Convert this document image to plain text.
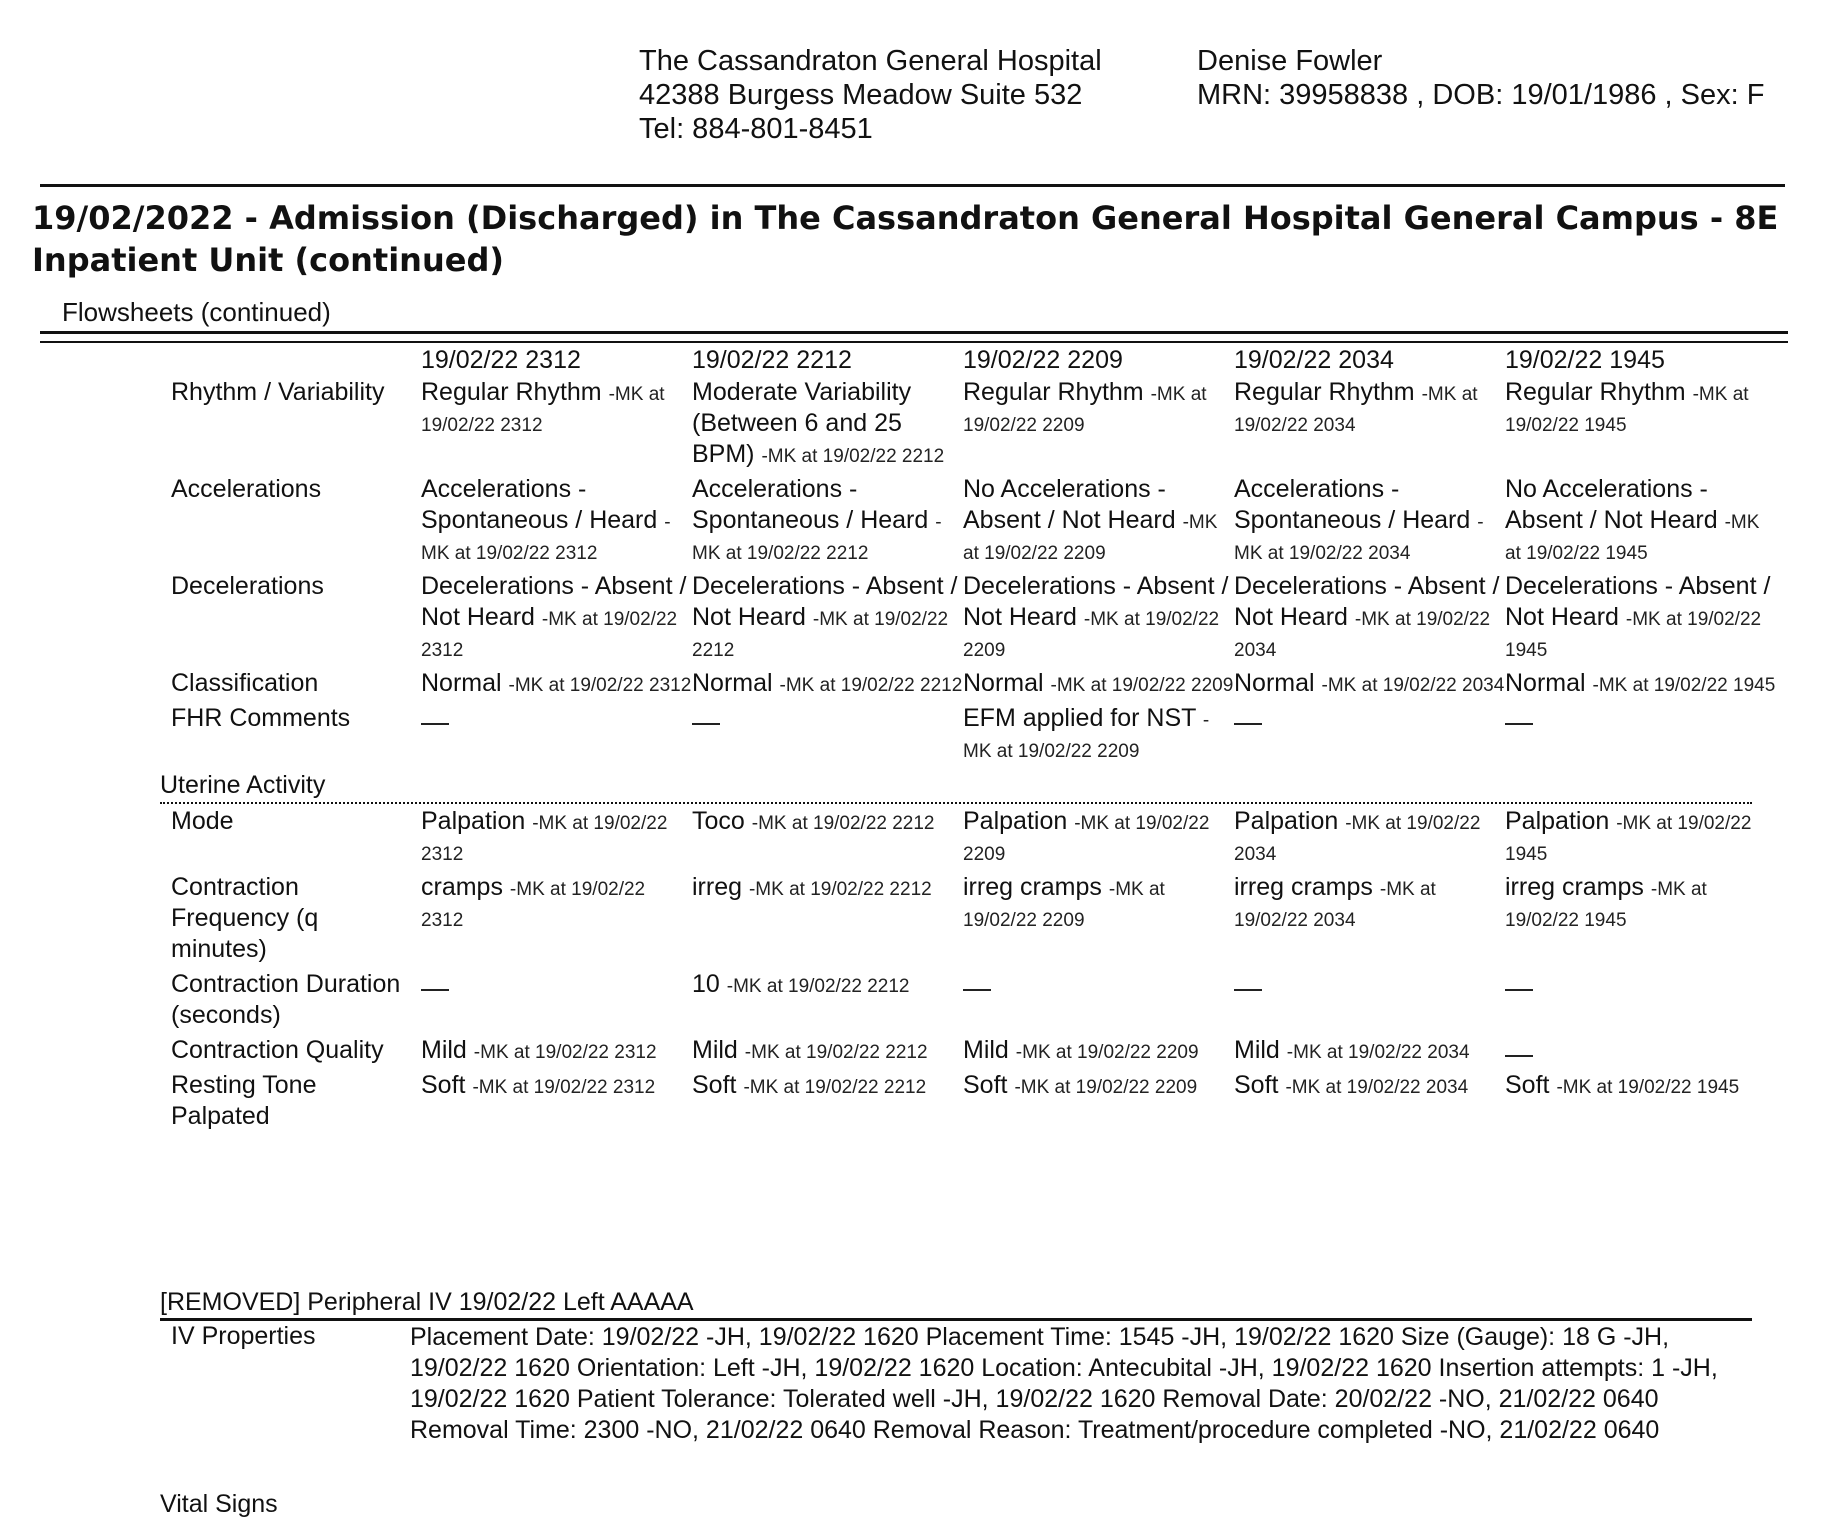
The Cassandraton General Hospital
42388 Burgess Meadow Suite 532
Tel: 884-801-8451
Denise Fowler
MRN: 39958838 , DOB: 19/01/1986 , Sex: F
19/02/2022 - Admission (Discharged) in The Cassandraton General Hospital General Campus - 8E Inpatient Unit (continued)
Flowsheets (continued)
	19/02/22 2312	19/02/22 2212	19/02/22 2209	19/02/22 2034	19/02/22 1945
Rhythm / Variability	Regular Rhythm -MK at 19/02/22 2312	Moderate Variability (Between 6 and 25 BPM) -MK at 19/02/22 2212	Regular Rhythm -MK at 19/02/22 2209	Regular Rhythm -MK at 19/02/22 2034	Regular Rhythm -MK at 19/02/22 1945
Accelerations	Accelerations - Spontaneous / Heard -MK at 19/02/22 2312	Accelerations - Spontaneous / Heard -MK at 19/02/22 2212	No Accelerations - Absent / Not Heard -MK at 19/02/22 2209	Accelerations - Spontaneous / Heard -MK at 19/02/22 2034	No Accelerations - Absent / Not Heard -MK at 19/02/22 1945
Decelerations	Decelerations - Absent / Not Heard -MK at 19/02/22 2312	Decelerations - Absent / Not Heard -MK at 19/02/22 2212	Decelerations - Absent / Not Heard -MK at 19/02/22 2209	Decelerations - Absent / Not Heard -MK at 19/02/22 2034	Decelerations - Absent / Not Heard -MK at 19/02/22 1945
Classification	Normal -MK at 19/02/22 2312	Normal -MK at 19/02/22 2212	Normal -MK at 19/02/22 2209	Normal -MK at 19/02/22 2034	Normal -MK at 19/02/22 1945
FHR Comments			EFM applied for NST -MK at 19/02/22 2209		
Uterine Activity
Mode	Palpation -MK at 19/02/22 2312	Toco -MK at 19/02/22 2212	Palpation -MK at 19/02/22 2209	Palpation -MK at 19/02/22 2034	Palpation -MK at 19/02/22 1945
Contraction Frequency (q minutes)	cramps -MK at 19/02/22 2312	irreg -MK at 19/02/22 2212	irreg cramps -MK at 19/02/22 2209	irreg cramps -MK at 19/02/22 2034	irreg cramps -MK at 19/02/22 1945
Contraction Duration (seconds)		10 -MK at 19/02/22 2212			
Contraction Quality	Mild -MK at 19/02/22 2312	Mild -MK at 19/02/22 2212	Mild -MK at 19/02/22 2209	Mild -MK at 19/02/22 2034	
Resting Tone Palpated	Soft -MK at 19/02/22 2312	Soft -MK at 19/02/22 2212	Soft -MK at 19/02/22 2209	Soft -MK at 19/02/22 2034	Soft -MK at 19/02/22 1945
[REMOVED] Peripheral IV 19/02/22 Left AAAAA
IV Properties	Placement Date: 19/02/22 -JH, 19/02/22 1620 Placement Time: 1545 -JH, 19/02/22 1620 Size (Gauge): 18 G -JH, 19/02/22 1620 Orientation: Left -JH, 19/02/22 1620 Location: Antecubital -JH, 19/02/22 1620 Insertion attempts: 1 -JH, 19/02/22 1620 Patient Tolerance: Tolerated well -JH, 19/02/22 1620 Removal Date: 20/02/22 -NO, 21/02/22 0640 Removal Time: 2300 -NO, 21/02/22 0640 Removal Reason: Treatment/procedure completed -NO, 21/02/22 0640
Vital Signs
